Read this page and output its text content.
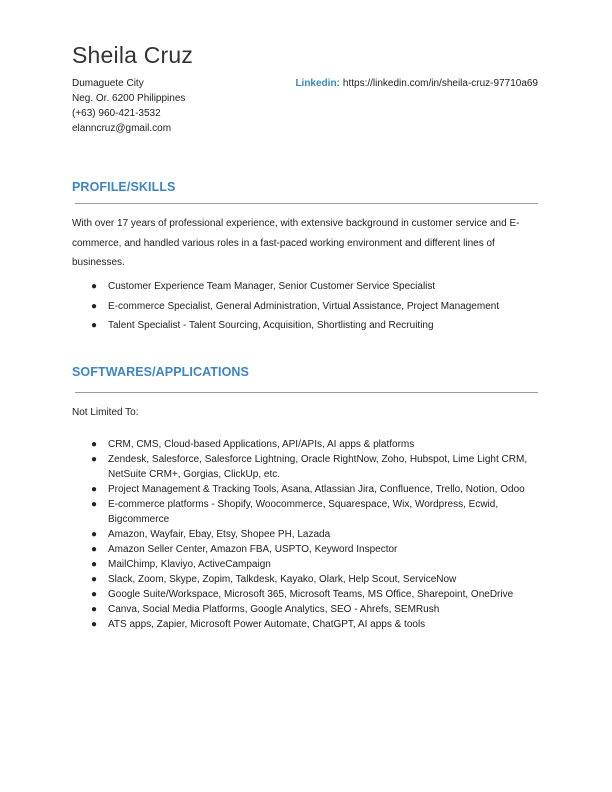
Sheila Cruz
Dumaguete City
Neg. Or. 6200 Philippines
(+63) 960-421-3532
elanncruz@gmail.com
Linkedin: https://linkedin.com/in/sheila-cruz-97710a69
PROFILE/SKILLS

With over 17 years of professional experience, with extensive background in customer service and E-commerce, and handled various roles in a fast-paced working environment and different lines of businesses.

● Customer Experience Team Manager, Senior Customer Service Specialist
● E-commerce Specialist, General Administration, Virtual Assistance, Project Management
● Talent Specialist - Talent Sourcing, Acquisition, Shortlisting and Recruiting
SOFTWARES/APPLICATIONS

Not Limited To:

● CRM, CMS, Cloud-based Applications, API/APIs, AI apps & platforms
● Zendesk, Salesforce, Salesforce Lightning, Oracle RightNow, Zoho, Hubspot, Lime Light CRM, NetSuite CRM+, Gorgias, ClickUp, etc.
● Project Management & Tracking Tools, Asana, Atlassian Jira, Confluence, Trello, Notion, Odoo
● E-commerce platforms - Shopify, Woocommerce, Squarespace, Wix, Wordpress, Ecwid, Bigcommerce
● Amazon, Wayfair, Ebay, Etsy, Shopee PH, Lazada
● Amazon Seller Center, Amazon FBA, USPTO, Keyword Inspector
● MailChimp, Klaviyo, ActiveCampaign
● Slack, Zoom, Skype, Zopim, Talkdesk, Kayako, Olark, Help Scout, ServiceNow
● Google Suite/Workspace, Microsoft 365, Microsoft Teams, MS Office, Sharepoint, OneDrive
● Canva, Social Media Platforms, Google Analytics, SEO - Ahrefs, SEMRush
● ATS apps, Zapier, Microsoft Power Automate, ChatGPT, AI apps & tools
